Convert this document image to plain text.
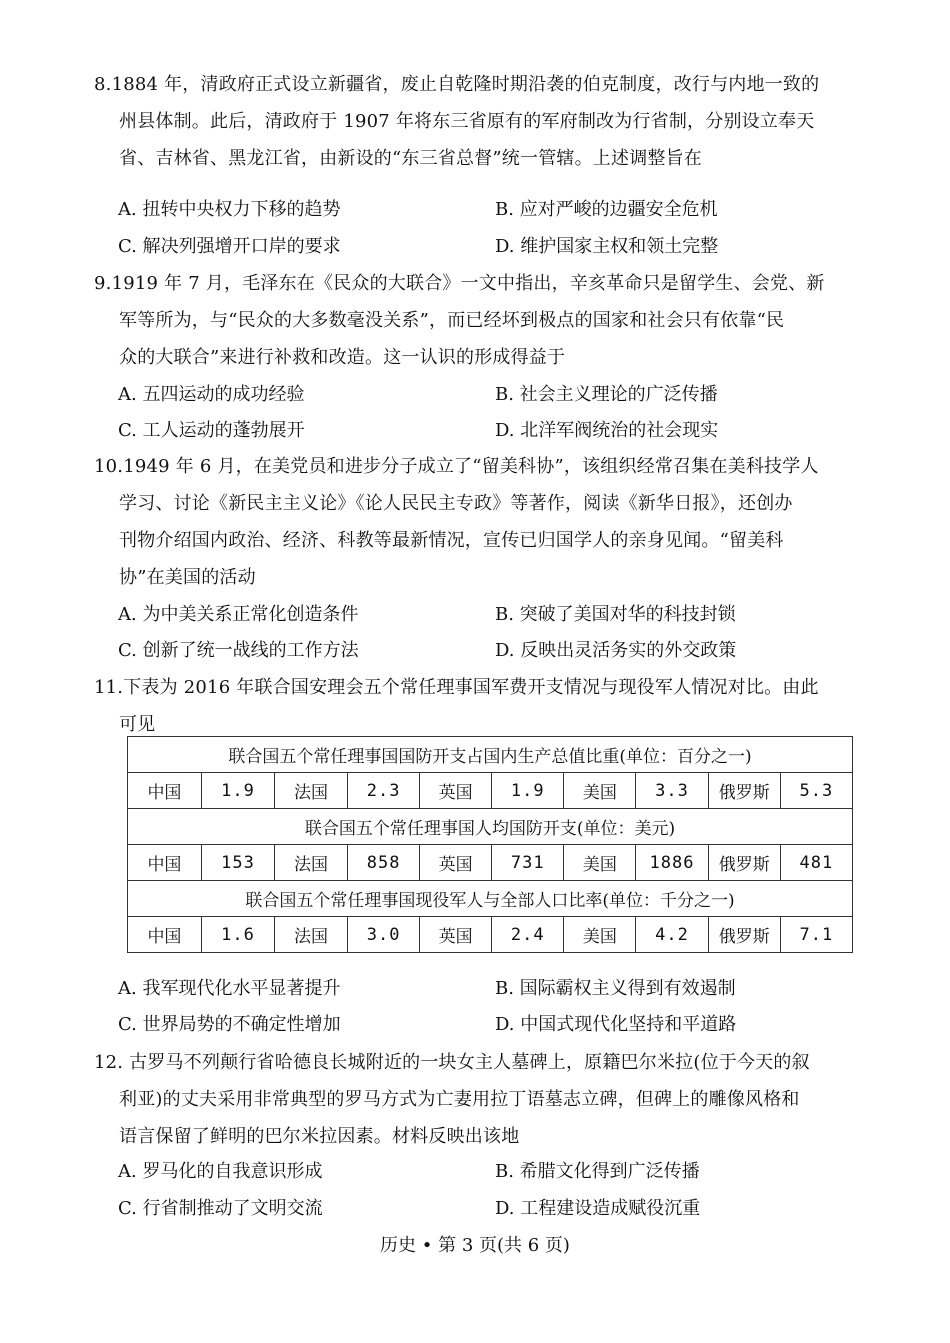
8.1884 年，清政府正式设立新疆省，废止自乾隆时期沿袭的伯克制度，改行与内地一致的
州县体制。此后，清政府于 1907 年将东三省原有的军府制改为行省制，分别设立奉天
省、吉林省、黑龙江省，由新设的“东三省总督”统一管辖。上述调整旨在
A. 扭转中央权力下移的趋势	B. 应对严峻的边疆安全危机
C. 解决列强增开口岸的要求	D. 维护国家主权和领土完整
9.1919 年 7 月，毛泽东在《民众的大联合》一文中指出，辛亥革命只是留学生、会党、新
军等所为，与“民众的大多数毫没关系”，而已经坏到极点的国家和社会只有依靠“民
众的大联合”来进行补救和改造。这一认识的形成得益于
A. 五四运动的成功经验	B. 社会主义理论的广泛传播
C. 工人运动的蓬勃展开	D. 北洋军阀统治的社会现实
10.1949 年 6 月，在美党员和进步分子成立了“留美科协”，该组织经常召集在美科技学人
学习、讨论《新民主主义论》《论人民民主专政》等著作，阅读《新华日报》，还创办
刊物介绍国内政治、经济、科教等最新情况，宣传已归国学人的亲身见闻。“留美科
协”在美国的活动
A. 为中美关系正常化创造条件	B. 突破了美国对华的科技封锁
C. 创新了统一战线的工作方法	D. 反映出灵活务实的外交政策
11.下表为 2016 年联合国安理会五个常任理事国军费开支情况与现役军人情况对比。由此
可见
联合国五个常任理事国国防开支占国内生产总值比重(单位：百分之一)									
中国	1.9	法国	2.3	英国	1.9	美国	3.3	俄罗斯	5.3
联合国五个常任理事国人均国防开支(单位：美元)									
中国	153	法国	858	英国	731	美国	1886	俄罗斯	481
联合国五个常任理事国现役军人与全部人口比率(单位：千分之一)									
中国	1.6	法国	3.0	英国	2.4	美国	4.2	俄罗斯	7.1
A. 我军现代化水平显著提升	B. 国际霸权主义得到有效遏制
C. 世界局势的不确定性增加	D. 中国式现代化坚持和平道路
12. 古罗马不列颠行省哈德良长城附近的一块女主人墓碑上，原籍巴尔米拉(位于今天的叙
利亚)的丈夫采用非常典型的罗马方式为亡妻用拉丁语墓志立碑，但碑上的雕像风格和
语言保留了鲜明的巴尔米拉因素。材料反映出该地
A. 罗马化的自我意识形成	B. 希腊文化得到广泛传播
C. 行省制推动了文明交流	D. 工程建设造成赋役沉重
历史 • 第 3 页(共 6 页)
